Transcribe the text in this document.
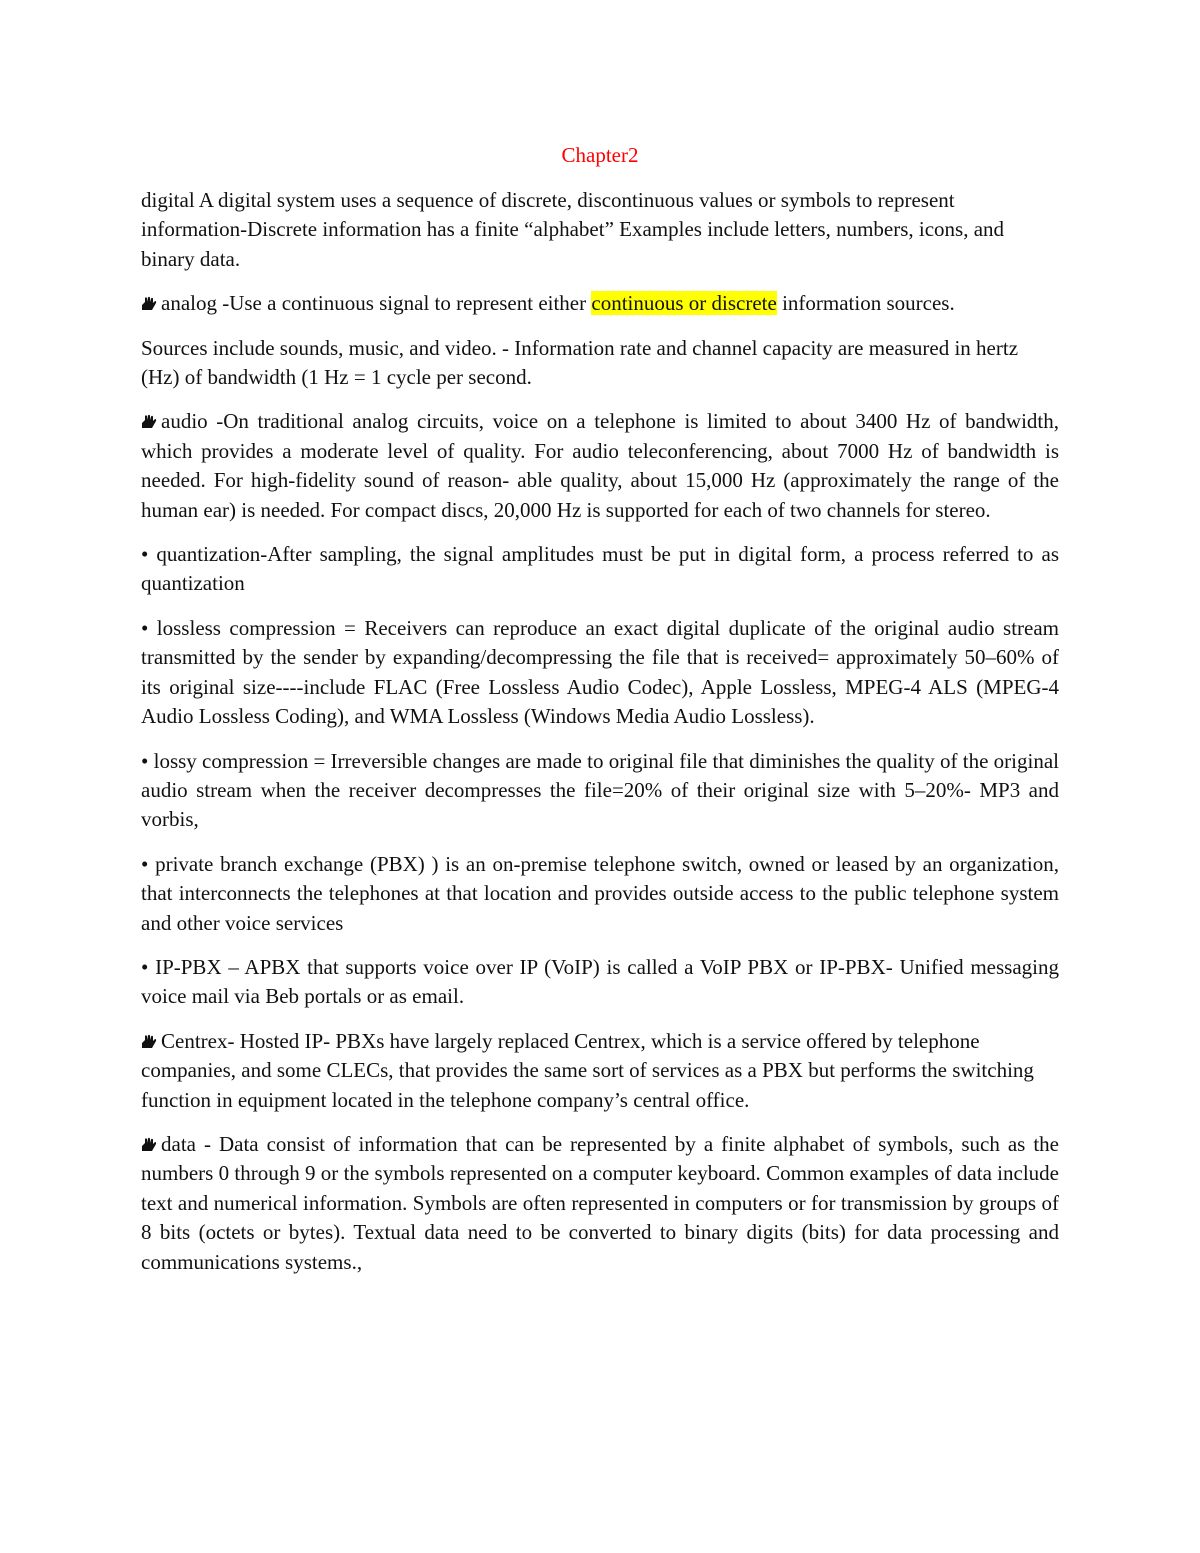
Chapter2

digital A digital system uses a sequence of discrete, discontinuous values or symbols to represent information-Discrete information has a finite “alphabet” Examples include letters, numbers, icons, and binary data.

analog -Use a continuous signal to represent either continuous or discrete information sources.

Sources include sounds, music, and video. - Information rate and channel capacity are measured in hertz (Hz) of bandwidth (1 Hz = 1 cycle per second.

audio -On traditional analog circuits, voice on a telephone is limited to about 3400 Hz of bandwidth, which provides a moderate level of quality. For audio teleconferencing, about 7000 Hz of bandwidth is needed. For high-fidelity sound of reason- able quality, about 15,000 Hz (approximately the range of the human ear) is needed. For compact discs, 20,000 Hz is supported for each of two channels for stereo.

• quantization-After sampling, the signal amplitudes must be put in digital form, a process referred to as quantization

• lossless compression = Receivers can reproduce an exact digital duplicate of the original audio stream transmitted by the sender by expanding/decompressing the file that is received= approximately 50–60% of its original size----include FLAC (Free Lossless Audio Codec), Apple Lossless, MPEG-4 ALS (MPEG-4 Audio Lossless Coding), and WMA Lossless (Windows Media Audio Lossless).

• lossy compression = Irreversible changes are made to original file that diminishes the quality of the original audio stream when the receiver decompresses the file=20% of their original size with 5–20%- MP3 and vorbis,

• private branch exchange (PBX) ) is an on-premise telephone switch, owned or leased by an organization, that interconnects the telephones at that location and provides outside access to the public telephone system and other voice services

• IP-PBX – APBX that supports voice over IP (VoIP) is called a VoIP PBX or IP-PBX- Unified messaging voice mail via Beb portals or as email.

Centrex- Hosted IP- PBXs have largely replaced Centrex, which is a service offered by telephone companies, and some CLECs, that provides the same sort of services as a PBX but performs the switching function in equipment located in the telephone company’s central office.

data - Data consist of information that can be represented by a finite alphabet of symbols, such as the numbers 0 through 9 or the symbols represented on a computer keyboard. Common examples of data include text and numerical information. Symbols are often represented in computers or for transmission by groups of 8 bits (octets or bytes). Textual data need to be converted to binary digits (bits) for data processing and communications systems.,
